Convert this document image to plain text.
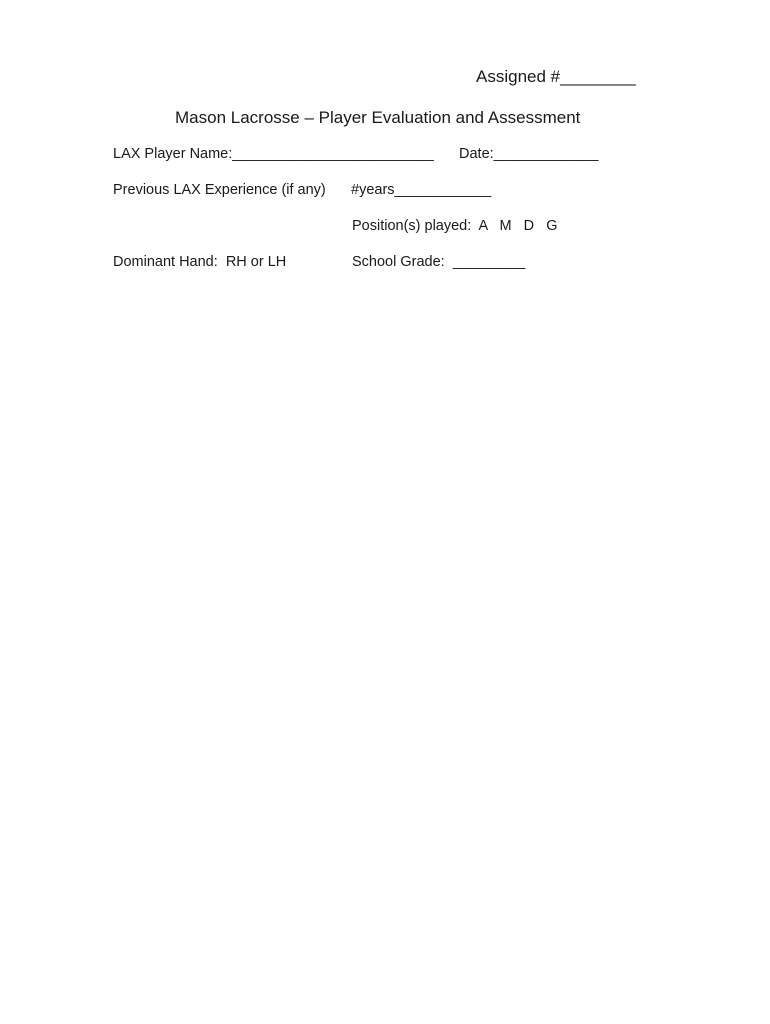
Assigned #________
Mason Lacrosse – Player Evaluation and Assessment
LAX Player Name:_________________________ Date:_____________
Previous LAX Experience (if any) #years____________
Position(s) played:  A   M   D   G
Dominant Hand:  RH or LH	School Grade:  _________
